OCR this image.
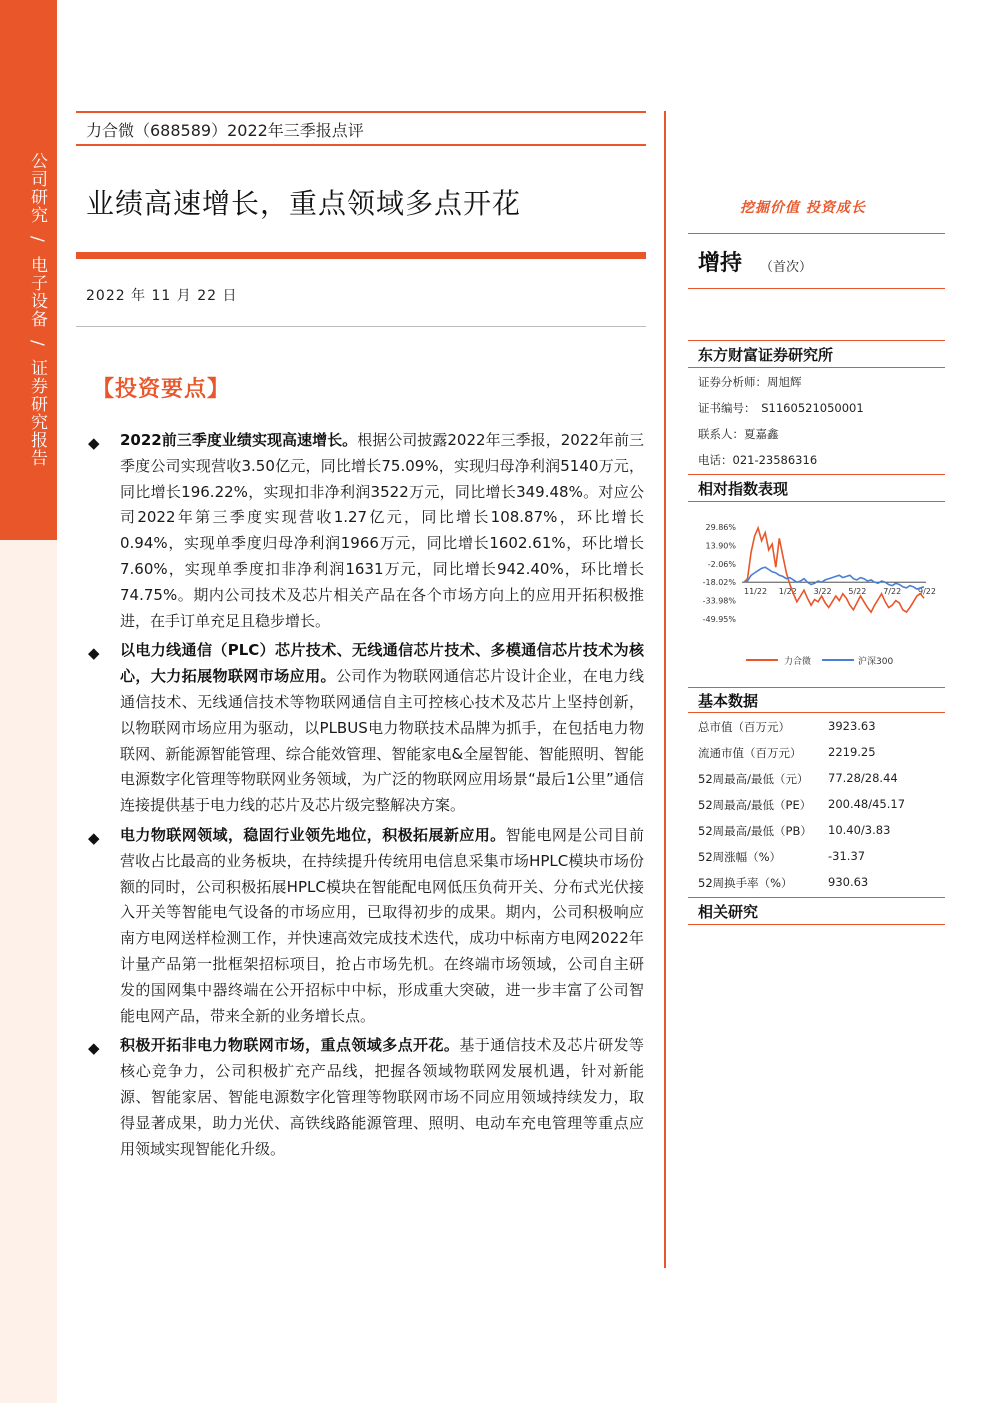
公司研究 / 电子设备 / 证券研究报告
力合微（688589）2022年三季报点评
业绩高速增长，重点领域多点开花
2022 年 11 月 22 日
【投资要点】
◆ 2022前三季度业绩实现高速增长。根据公司披露2022年三季报，2022年前三季度公司实现营收3.50亿元，同比增长75.09%，实现归母净利润5140万元，同比增长196.22%，实现扣非净利润3522万元，同比增长349.48%。对应公司2022年第三季度实现营收1.27亿元，同比增长108.87%，环比增长0.94%，实现单季度归母净利润1966万元，同比增长1602.61%，环比增长7.60%，实现单季度扣非净利润1631万元，同比增长942.40%，环比增长74.75%。期内公司技术及芯片相关产品在各个市场方向上的应用开拓积极推进，在手订单充足且稳步增长。
◆ 以电力线通信（PLC）芯片技术、无线通信芯片技术、多模通信芯片技术为核心，大力拓展物联网市场应用。公司作为物联网通信芯片设计企业，在电力线通信技术、无线通信技术等物联网通信自主可控核心技术及芯片上坚持创新，以物联网市场应用为驱动，以PLBUS电力物联技术品牌为抓手，在包括电力物联网、新能源智能管理、综合能效管理、智能家电&全屋智能、智能照明、智能电源数字化管理等物联网业务领域，为广泛的物联网应用场景“最后1公里”通信连接提供基于电力线的芯片及芯片级完整解决方案。
◆ 电力物联网领域，稳固行业领先地位，积极拓展新应用。智能电网是公司目前营收占比最高的业务板块，在持续提升传统用电信息采集市场HPLC模块市场份额的同时，公司积极拓展HPLC模块在智能配电网低压负荷开关、分布式光伏接入开关等智能电气设备的市场应用，已取得初步的成果。期内，公司积极响应南方电网送样检测工作，并快速高效完成技术迭代，成功中标南方电网2022年计量产品第一批框架招标项目，抢占市场先机。在终端市场领域，公司自主研发的国网集中器终端在公开招标中中标，形成重大突破，进一步丰富了公司智能电网产品，带来全新的业务增长点。
◆ 积极开拓非电力物联网市场，重点领域多点开花。基于通信技术及芯片研发等核心竞争力，公司积极扩充产品线，把握各领域物联网发展机遇，针对新能源、智能家居、智能电源数字化管理等物联网市场不同应用领域持续发力，取得显著成果，助力光伏、高铁线路能源管理、照明、电动车充电管理等重点应用领域实现智能化升级。
挖掘价值 投资成长
增持 （首次）
东方财富证券研究所
证券分析师：周旭辉
证书编号：　S1160521050001
联系人：夏嘉鑫
电话：021-23586316
相对指数表现
29.86%
13.90%
-2.06%
-18.02%
-33.98%
-49.95%
11/22 1/22 3/22 5/22 7/22 9/22
力合微	沪深300
基本数据
总市值（百万元）	3923.63
流通市值（百万元） 2219.25
52周最高/最低（元） 77.28/28.44
52周最高/最低（PE） 200.48/45.17
52周最高/最低（PB） 10.40/3.83
52周涨幅（%）	-31.37
52周换手率（%）	930.63
相关研究
